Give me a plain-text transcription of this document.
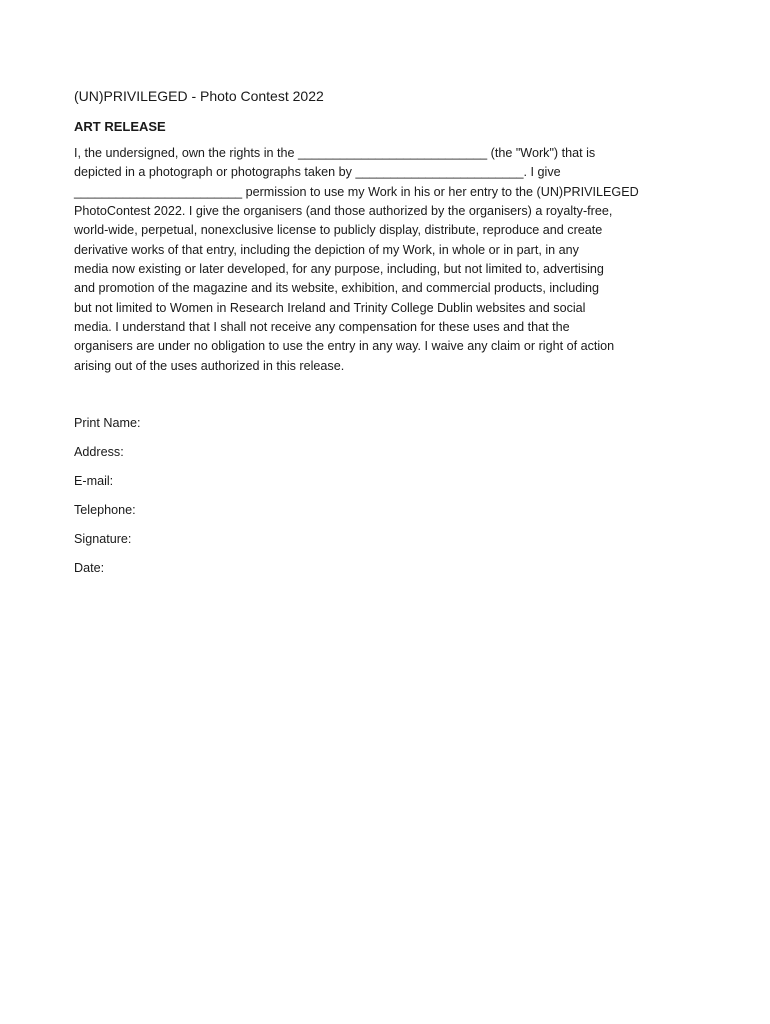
(UN)PRIVILEGED - Photo Contest 2022
ART RELEASE
I, the undersigned, own the rights in the ___________________________ (the "Work") that is
depicted in a photograph or photographs taken by ________________________. I give
________________________ permission to use my Work in his or her entry to the (UN)PRIVILEGED
PhotoContest 2022. I give the organisers (and those authorized by the organisers) a royalty-free,
world-wide, perpetual, nonexclusive license to publicly display, distribute, reproduce and create
derivative works of that entry, including the depiction of my Work, in whole or in part, in any
media now existing or later developed, for any purpose, including, but not limited to, advertising
and promotion of the magazine and its website, exhibition, and commercial products, including
but not limited to Women in Research Ireland and Trinity College Dublin websites and social
media. I understand that I shall not receive any compensation for these uses and that the
organisers are under no obligation to use the entry in any way. I waive any claim or right of action
arising out of the uses authorized in this release.
Print Name:
Address:
E-mail:
Telephone:
Signature:
Date:
